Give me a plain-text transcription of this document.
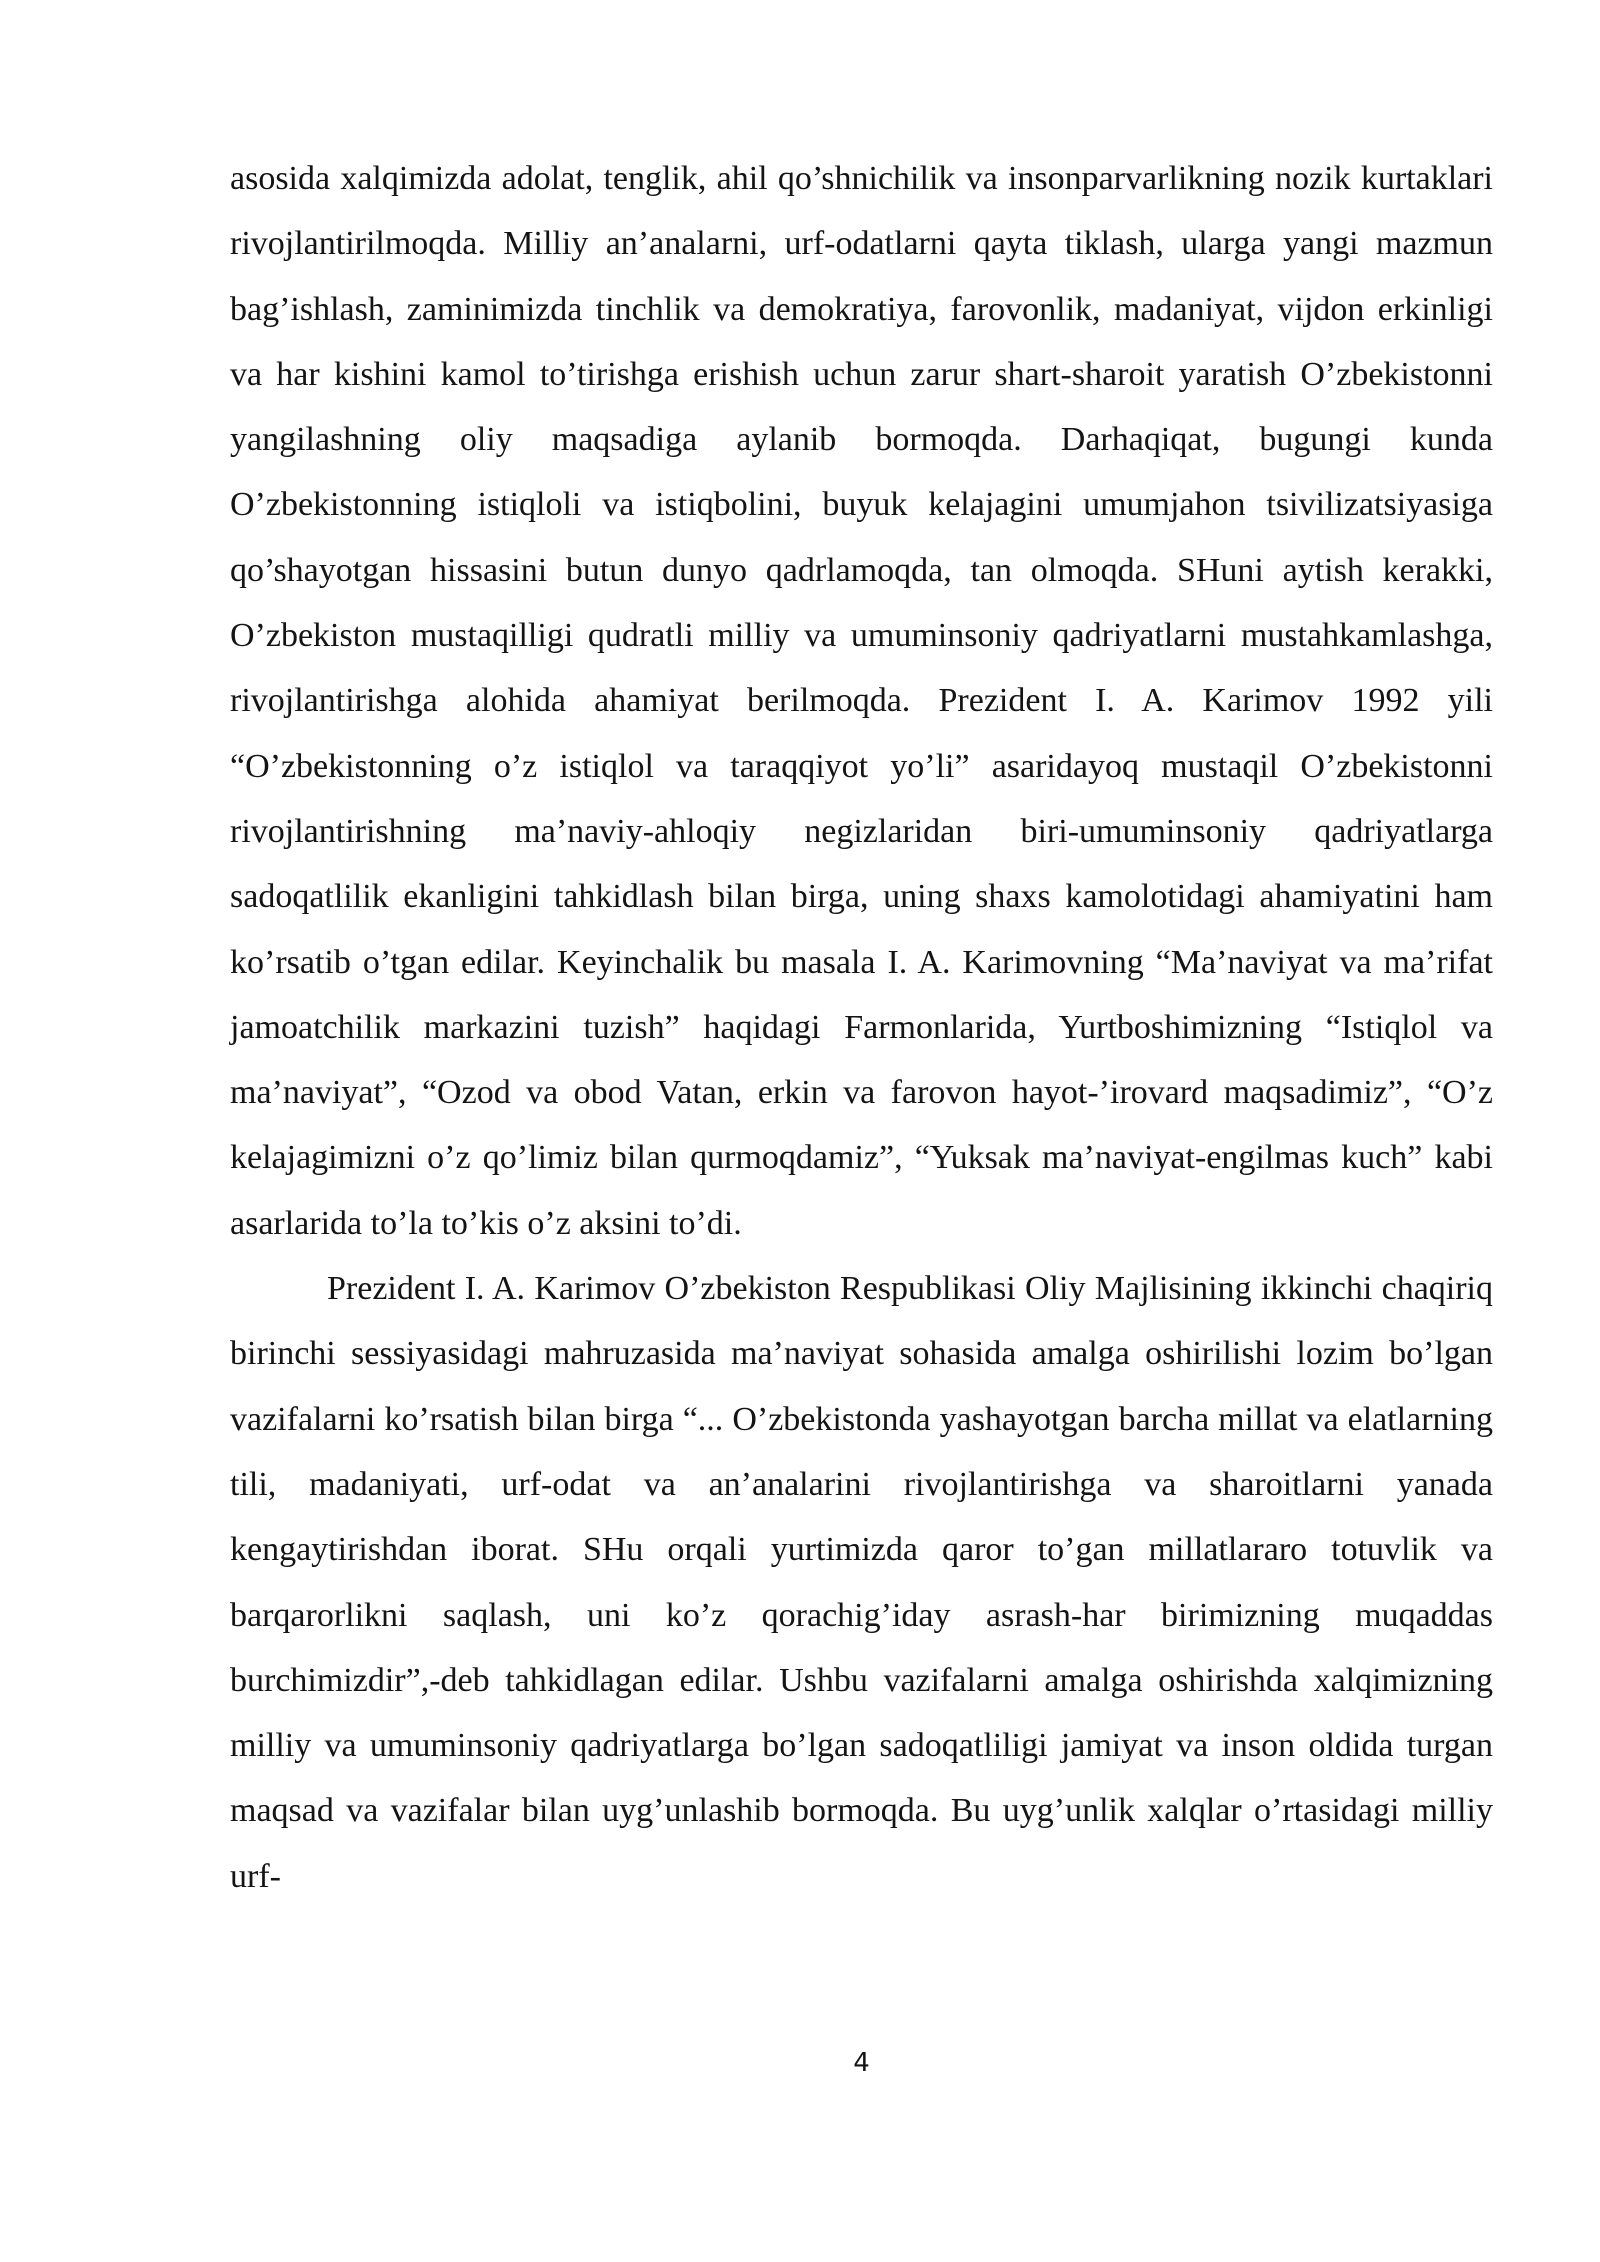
asosida xalqimizda adolat, tenglik, ahil qo’shnichilik va insonparvarlikning nozik kurtaklari rivojlantirilmoqda. Milliy an’analarni, urf-odatlarni qayta tiklash, ularga yangi mazmun bag’ishlash, zaminimizda tinchlik va demokratiya, farovonlik, madaniyat, vijdon erkinligi va har kishini kamol to’tirishga erishish uchun zarur shart-sharoit yaratish O’zbekistonni yangilashning oliy maqsadiga aylanib bormoqda. Darhaqiqat, bugungi kunda O’zbekistonning istiqloli va istiqbolini, buyuk kelajagini umumjahon tsivilizatsiyasiga qo’shayotgan hissasini butun dunyo qadrlamoqda, tan olmoqda. SHuni aytish kerakki, O’zbekiston mustaqilligi qudratli milliy va umuminsoniy qadriyatlarni mustahkamlashga, rivojlantirishga alohida ahamiyat berilmoqda. Prezident I. A. Karimov 1992 yili “O’zbekistonning o’z istiqlol va taraqqiyot yo’li” asaridayoq mustaqil O’zbekistonni rivojlantirishning ma’naviy-ahloqiy negizlaridan biri-umuminsoniy qadriyatlarga sadoqatlilik ekanligini tahkidlash bilan birga, uning shaxs kamolotidagi ahamiyatini ham ko’rsatib o’tgan edilar. Keyinchalik bu masala I. A. Karimovning “Ma’naviyat va ma’rifat jamoatchilik markazini tuzish” haqidagi Farmonlarida, Yurtboshimizning “Istiqlol va ma’naviyat”, “Ozod va obod Vatan, erkin va farovon hayot-’irovard maqsadimiz”, “O’z kelajagimizni o’z qo’limiz bilan qurmoqdamiz”, “Yuksak ma’naviyat-engilmas kuch” kabi asarlarida to’la to’kis o’z aksini to’di.

Prezident I. A. Karimov O’zbekiston Respublikasi Oliy Majlisining ikkinchi chaqiriq birinchi sessiyasidagi mahruzasida ma’naviyat sohasida amalga oshirilishi lozim bo’lgan vazifalarni ko’rsatish bilan birga “... O’zbekistonda yashayotgan barcha millat va elatlarning tili, madaniyati, urf-odat va an’analarini rivojlantirishga va sharoitlarni yanada kengaytirishdan iborat. SHu orqali yurtimizda qaror to’gan millatlararo totuvlik va barqarorlikni saqlash, uni ko’z qorachig’iday asrash-har birimizning muqaddas burchimizdir”,-deb tahkidlagan edilar. Ushbu vazifalarni amalga oshirishda xalqimizning milliy va umuminsoniy qadriyatlarga bo’lgan sadoqatliligi jamiyat va inson oldida turgan maqsad va vazifalar bilan uyg’unlashib bormoqda. Bu uyg’unlik xalqlar o’rtasidagi milliy urf-

4
